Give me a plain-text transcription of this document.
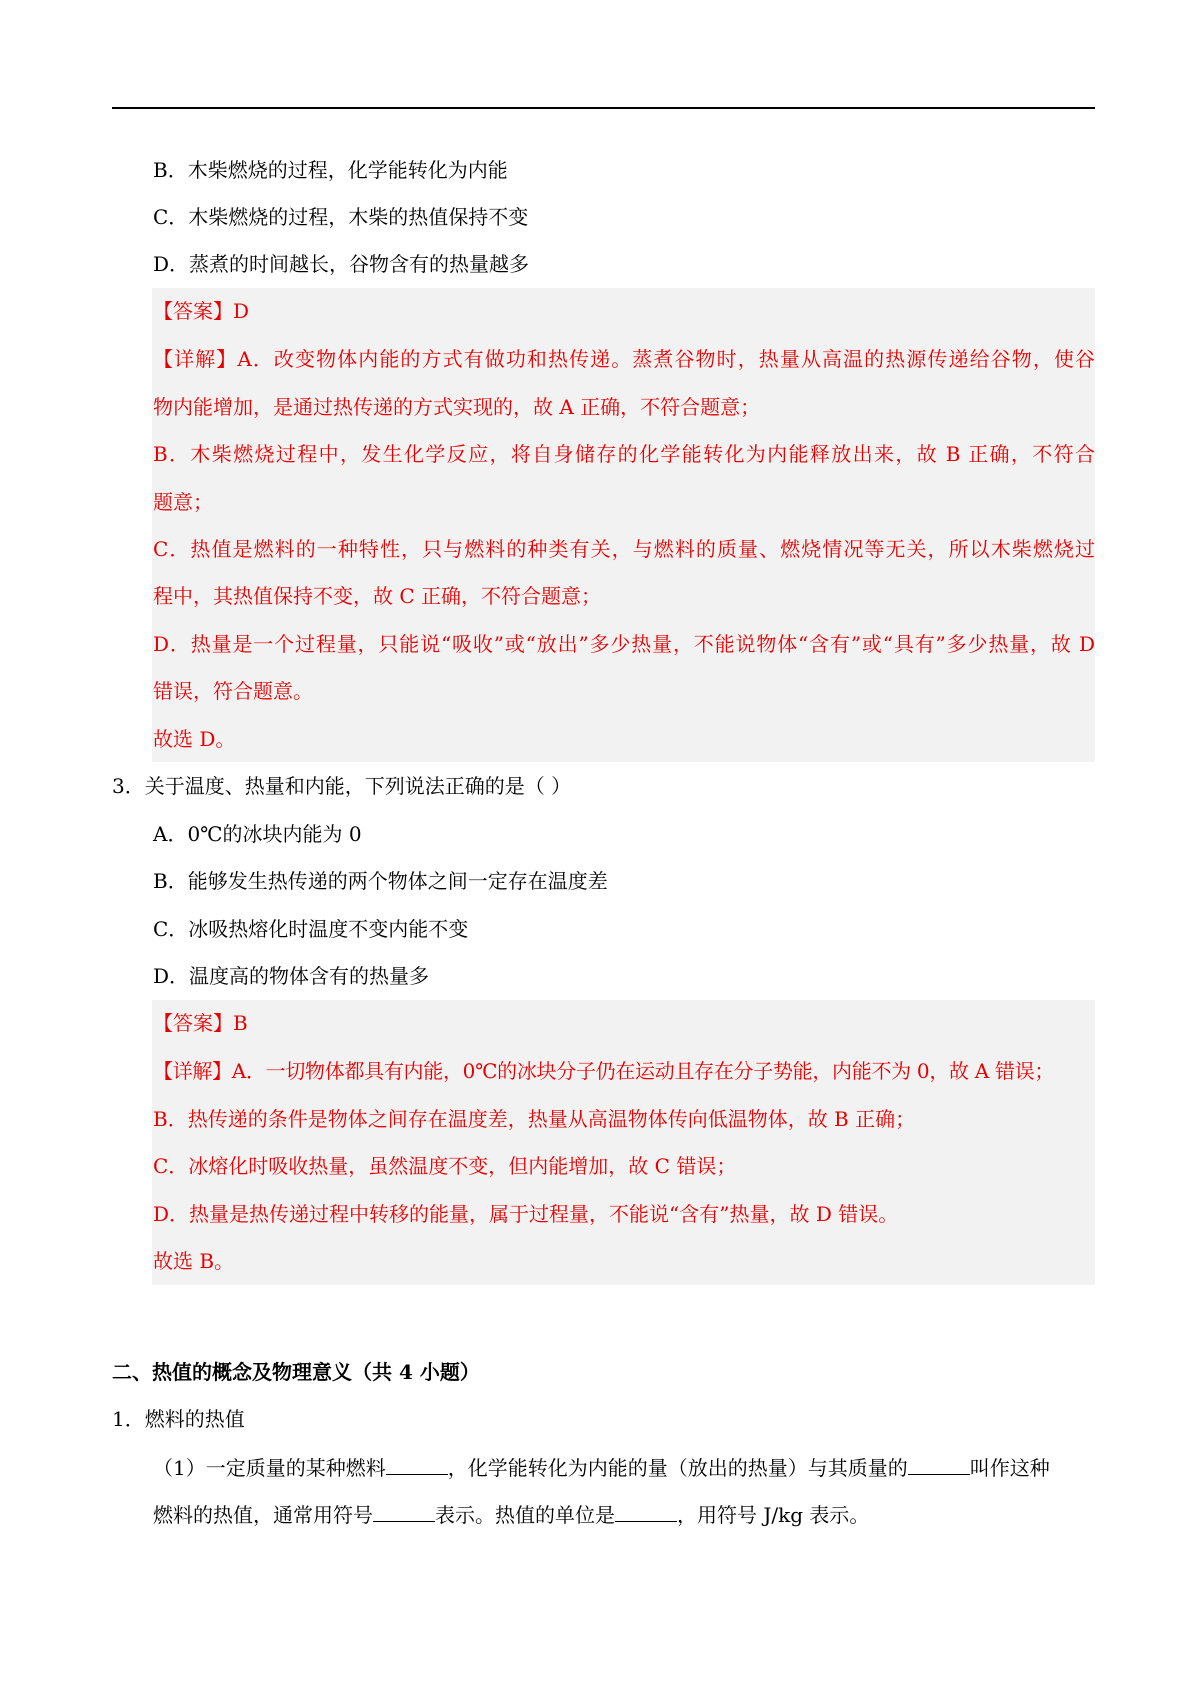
B．木柴燃烧的过程，化学能转化为内能
C．木柴燃烧的过程，木柴的热值保持不变
D．蒸煮的时间越长，谷物含有的热量越多
【答案】D
【详解】A．改变物体内能的方式有做功和热传递。蒸煮谷物时，热量从高温的热源传递给谷物，使谷
物内能增加，是通过热传递的方式实现的，故 A 正确，不符合题意；
B．木柴燃烧过程中，发生化学反应，将自身储存的化学能转化为内能释放出来，故 B 正确，不符合
题意；
C．热值是燃料的一种特性，只与燃料的种类有关，与燃料的质量、燃烧情况等无关，所以木柴燃烧过
程中，其热值保持不变，故 C 正确，不符合题意；
D．热量是一个过程量，只能说“吸收”或“放出”多少热量，不能说物体“含有”或“具有”多少热量，故 D
错误，符合题意。
故选 D。
3．关于温度、热量和内能，下列说法正确的是（ ）
A．0℃的冰块内能为 0
B．能够发生热传递的两个物体之间一定存在温度差
C．冰吸热熔化时温度不变内能不变
D．温度高的物体含有的热量多
【答案】B
【详解】A．一切物体都具有内能，0℃的冰块分子仍在运动且存在分子势能，内能不为 0，故 A 错误；
B．热传递的条件是物体之间存在温度差，热量从高温物体传向低温物体，故 B 正确；
C．冰熔化时吸收热量，虽然温度不变，但内能增加，故 C 错误；
D．热量是热传递过程中转移的能量，属于过程量，不能说“含有”热量，故 D 错误。
故选 B。
二、热值的概念及物理意义（共 4 小题）
1．燃料的热值
（1）一定质量的某种燃料	，化学能转化为内能的量（放出的热量）与其质量的	叫作这种
燃料的热值，通常用符号	表示。热值的单位是	，用符号 J/kg 表示。
